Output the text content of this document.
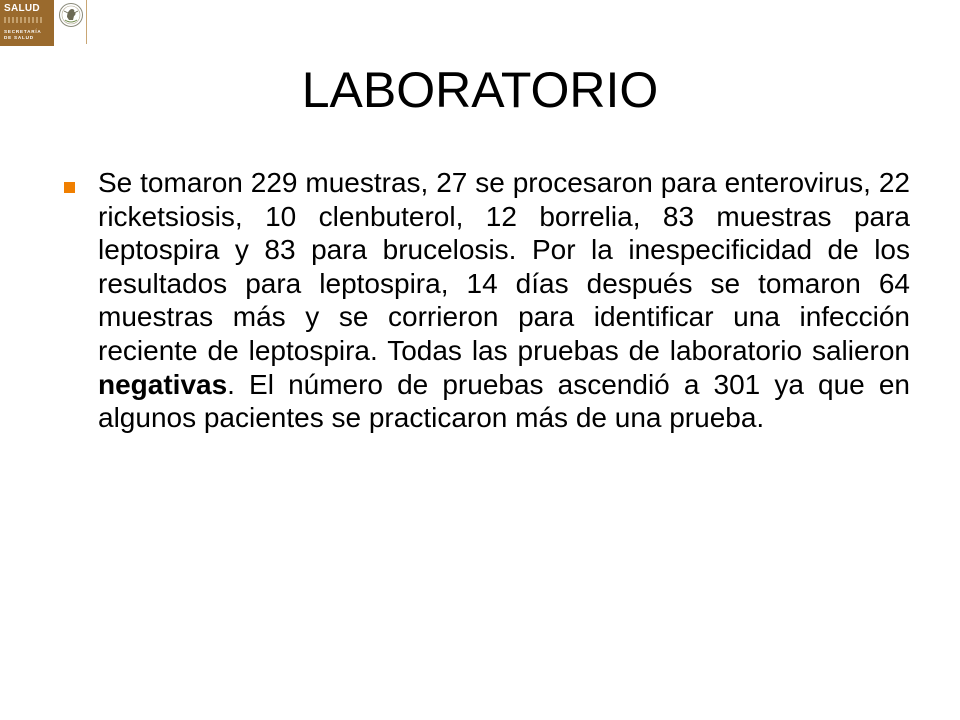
SALUD
SECRETARÍA
DE SALUD
LABORATORIO

Se tomaron 229 muestras, 27 se procesaron para enterovirus, 22 ricketsiosis, 10 clenbuterol, 12 borrelia, 83 muestras para leptospira y 83 para brucelosis. Por la inespecificidad de los resultados para leptospira, 14 días después se tomaron 64 muestras más y se corrieron para identificar una infección reciente de leptospira. Todas las pruebas de laboratorio salieron negativas. El número de pruebas ascendió a 301 ya que en algunos pacientes se practicaron más de una prueba.
